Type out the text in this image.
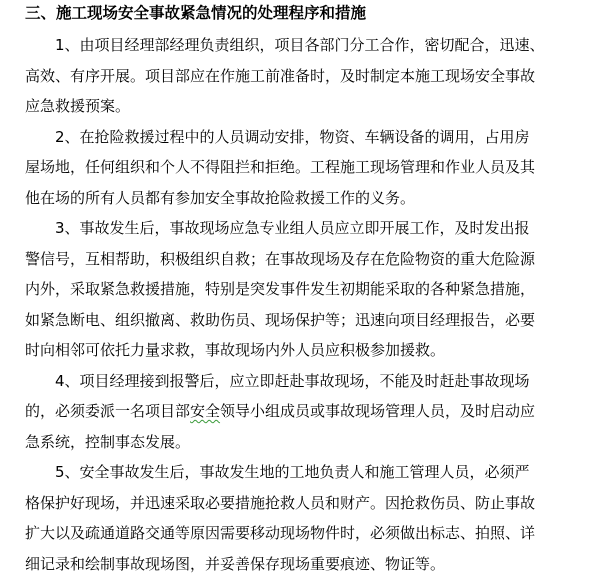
三、施工现场安全事故紧急情况的处理程序和措施
1、由项目经理部经理负责组织，项目各部门分工合作，密切配合，迅速、
高效、有序开展。项目部应在作施工前准备时，及时制定本施工现场安全事故
应急救援预案。
2、在抢险救援过程中的人员调动安排，物资、车辆设备的调用，占用房
屋场地，任何组织和个人不得阻拦和拒绝。工程施工现场管理和作业人员及其
他在场的所有人员都有参加安全事故抢险救援工作的义务。
3、事故发生后，事故现场应急专业组人员应立即开展工作，及时发出报
警信号，互相帮助，积极组织自救；在事故现场及存在危险物资的重大危险源
内外，采取紧急救援措施，特别是突发事件发生初期能采取的各种紧急措施，
如紧急断电、组织撤离、救助伤员、现场保护等；迅速向项目经理报告，必要
时向相邻可依托力量求救，事故现场内外人员应积极参加援救。
4、项目经理接到报警后，应立即赶赴事故现场，不能及时赶赴事故现场
的，必须委派一名项目部安全领导小组成员或事故现场管理人员，及时启动应
急系统，控制事态发展。
5、安全事故发生后，事故发生地的工地负责人和施工管理人员，必须严
格保护好现场，并迅速采取必要措施抢救人员和财产。因抢救伤员、防止事故
扩大以及疏通道路交通等原因需要移动现场物件时，必须做出标志、拍照、详
细记录和绘制事故现场图，并妥善保存现场重要痕迹、物证等。
